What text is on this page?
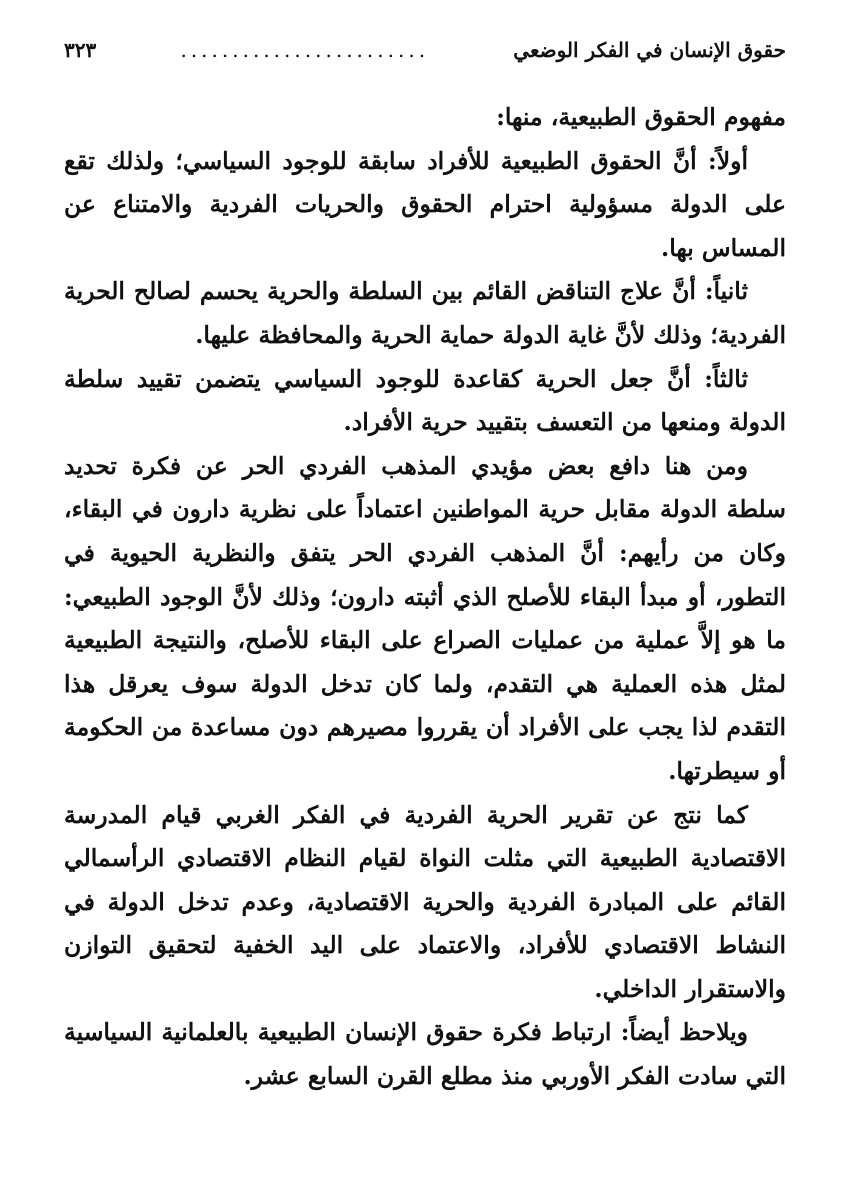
حقوق الإنسان في الفكر الوضعي
........................
٣٢٣

مفهوم الحقوق الطبيعية، منها:

أولاً: أنَّ الحقوق الطبيعية للأفراد سابقة للوجود السياسي؛ ولذلك تقع على الدولة مسؤولية احترام الحقوق والحريات الفردية والامتناع عن المساس بها.

ثانياً: أنَّ علاج التناقض القائم بين السلطة والحرية يحسم لصالح الحرية الفردية؛ وذلك لأنَّ غاية الدولة حماية الحرية والمحافظة عليها.

ثالثاً: أنَّ جعل الحرية كقاعدة للوجود السياسي يتضمن تقييد سلطة الدولة ومنعها من التعسف بتقييد حرية الأفراد.

ومن هنا دافع بعض مؤيدي المذهب الفردي الحر عن فكرة تحديد سلطة الدولة مقابل حرية المواطنين اعتماداً على نظرية دارون في البقاء، وكان من رأيهم: أنَّ المذهب الفردي الحر يتفق والنظرية الحيوية في التطور، أو مبدأ البقاء للأصلح الذي أثبته دارون؛ وذلك لأنَّ الوجود الطبيعي: ما هو إلاَّ عملية من عمليات الصراع على البقاء للأصلح، والنتيجة الطبيعية لمثل هذه العملية هي التقدم، ولما كان تدخل الدولة سوف يعرقل هذا التقدم لذا يجب على الأفراد أن يقرروا مصيرهم دون مساعدة من الحكومة أو سيطرتها.

كما نتج عن تقرير الحرية الفردية في الفكر الغربي قيام المدرسة الاقتصادية الطبيعية التي مثلت النواة لقيام النظام الاقتصادي الرأسمالي القائم على المبادرة الفردية والحرية الاقتصادية، وعدم تدخل الدولة في النشاط الاقتصادي للأفراد، والاعتماد على اليد الخفية لتحقيق التوازن والاستقرار الداخلي.

ويلاحظ أيضاً: ارتباط فكرة حقوق الإنسان الطبيعية بالعلمانية السياسية التي سادت الفكر الأوربي منذ مطلع القرن السابع عشر.
